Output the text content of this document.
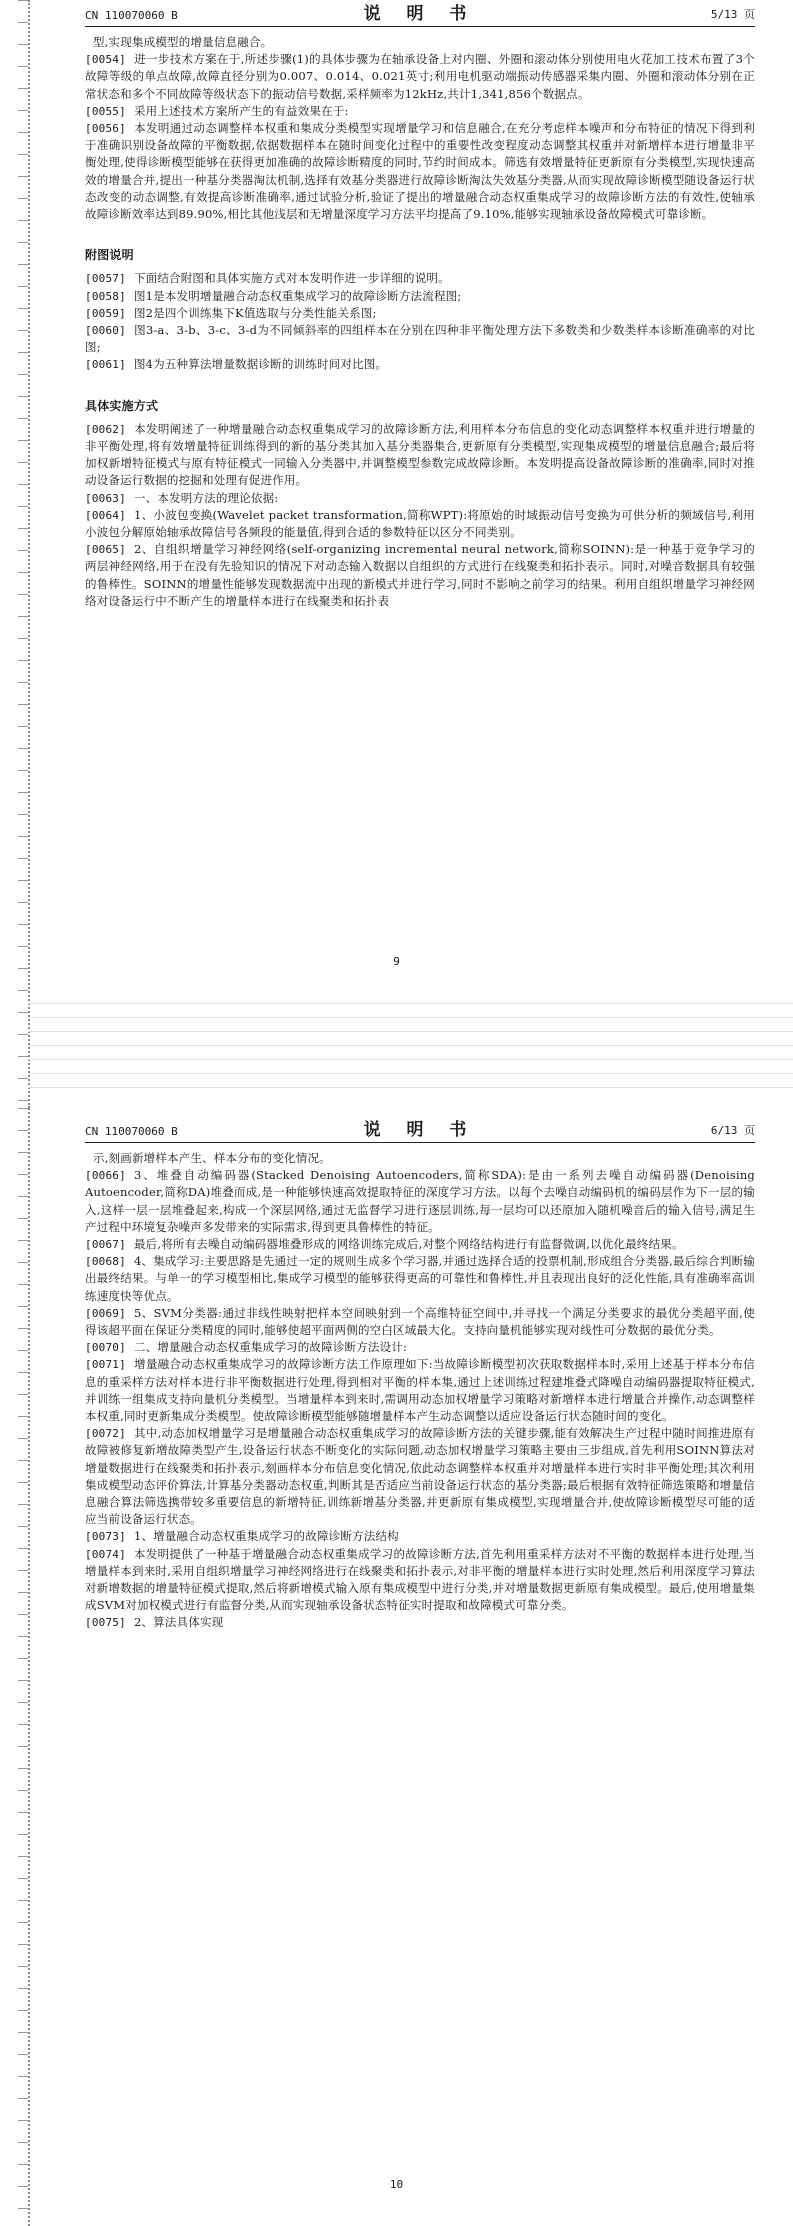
CN 110070060 B	说 明 书	5/13 页

型,实现集成模型的增量信息融合。

[0054] 进一步技术方案在于,所述步骤(1)的具体步骤为在轴承设备上对内圈、外圈和滚动体分别使用电火花加工技术布置了3个故障等级的单点故障,故障直径分别为0.007、0.014、0.021英寸;利用电机驱动端振动传感器采集内圈、外圈和滚动体分别在正常状态和多个不同故障等级状态下的振动信号数据,采样频率为12kHz,共计1,341,856个数据点。

[0055] 采用上述技术方案所产生的有益效果在于:

[0056] 本发明通过动态调整样本权重和集成分类模型实现增量学习和信息融合,在充分考虑样本噪声和分布特征的情况下得到利于准确识别设备故障的平衡数据,依据数据样本在随时间变化过程中的重要性改变程度动态调整其权重并对新增样本进行增量非平衡处理,使得诊断模型能够在获得更加准确的故障诊断精度的同时,节约时间成本。筛选有效增量特征更新原有分类模型,实现快速高效的增量合并,提出一种基分类器淘汰机制,选择有效基分类器进行故障诊断淘汰失效基分类器,从而实现故障诊断模型随设备运行状态改变的动态调整,有效提高诊断准确率,通过试验分析,验证了提出的增量融合动态权重集成学习的故障诊断方法的有效性,使轴承故障诊断效率达到89.90%,相比其他浅层和无增量深度学习方法平均提高了9.10%,能够实现轴承设备故障模式可靠诊断。

附图说明

[0057] 下面结合附图和具体实施方式对本发明作进一步详细的说明。

[0058] 图1是本发明增量融合动态权重集成学习的故障诊断方法流程图;

[0059] 图2是四个训练集下K值选取与分类性能关系图;

[0060] 图3-a、3-b、3-c、3-d为不同倾斜率的四组样本在分别在四种非平衡处理方法下多数类和少数类样本诊断准确率的对比图;

[0061] 图4为五种算法增量数据诊断的训练时间对比图。

具体实施方式

[0062] 本发明阐述了一种增量融合动态权重集成学习的故障诊断方法,利用样本分布信息的变化动态调整样本权重并进行增量的非平衡处理,将有效增量特征训练得到的新的基分类其加入基分类器集合,更新原有分类模型,实现集成模型的增量信息融合;最后将加权新增特征模式与原有特征模式一同输入分类器中,并调整模型参数完成故障诊断。本发明提高设备故障诊断的准确率,同时对推动设备运行数据的挖掘和处理有促进作用。

[0063] 一、本发明方法的理论依据:

[0064] 1、小波包变换(Wavelet packet transformation,简称WPT):将原始的时域振动信号变换为可供分析的频域信号,利用小波包分解原始轴承故障信号各频段的能量值,得到合适的参数特征以区分不同类别。

[0065] 2、自组织增量学习神经网络(self-organizing incremental neural network,简称SOINN):是一种基于竞争学习的两层神经网络,用于在没有先验知识的情况下对动态输入数据以自组织的方式进行在线聚类和拓扑表示。同时,对噪音数据具有较强的鲁棒性。SOINN的增量性能够发现数据流中出现的新模式并进行学习,同时不影响之前学习的结果。利用自组织增量学习神经网络对设备运行中不断产生的增量样本进行在线聚类和拓扑表

9
CN 110070060 B	说 明 书	6/13 页

示,刻画新增样本产生、样本分布的变化情况。

[0066] 3、堆叠自动编码器(Stacked Denoising Autoencoders,简称SDA):是由一系列去噪自动编码器(Denoising Autoencoder,简称DA)堆叠而成,是一种能够快速高效提取特征的深度学习方法。以每个去噪自动编码机的编码层作为下一层的输入,这样一层一层堆叠起来,构成一个深层网络,通过无监督学习进行逐层训练,每一层均可以还原加入随机噪音后的输入信号,满足生产过程中环境复杂噪声多发带来的实际需求,得到更具鲁棒性的特征。

[0067] 最后,将所有去噪自动编码器堆叠形成的网络训练完成后,对整个网络结构进行有监督微调,以优化最终结果。

[0068] 4、集成学习:主要思路是先通过一定的规则生成多个学习器,并通过选择合适的投票机制,形成组合分类器,最后综合判断输出最终结果。与单一的学习模型相比,集成学习模型的能够获得更高的可靠性和鲁棒性,并且表现出良好的泛化性能,具有准确率高训练速度快等优点。

[0069] 5、SVM分类器:通过非线性映射把样本空间映射到一个高维特征空间中,并寻找一个满足分类要求的最优分类超平面,使得该超平面在保证分类精度的同时,能够使超平面两侧的空白区域最大化。支持向量机能够实现对线性可分数据的最优分类。

[0070] 二、增量融合动态权重集成学习的故障诊断方法设计:

[0071] 增量融合动态权重集成学习的故障诊断方法工作原理如下:当故障诊断模型初次获取数据样本时,采用上述基于样本分布信息的重采样方法对样本进行非平衡数据进行处理,得到相对平衡的样本集,通过上述训练过程建堆叠式降噪自动编码器提取特征模式,并训练一组集成支持向量机分类模型。当增量样本到来时,需调用动态加权增量学习策略对新增样本进行增量合并操作,动态调整样本权重,同时更新集成分类模型。使故障诊断模型能够随增量样本产生动态调整以适应设备运行状态随时间的变化。

[0072] 其中,动态加权增量学习是增量融合动态权重集成学习的故障诊断方法的关键步骤,能有效解决生产过程中随时间推进原有故障被修复新增故障类型产生,设备运行状态不断变化的实际问题,动态加权增量学习策略主要由三步组成,首先利用SOINN算法对增量数据进行在线聚类和拓扑表示,刻画样本分布信息变化情况,依此动态调整样本权重并对增量样本进行实时非平衡处理;其次利用集成模型动态评价算法,计算基分类器动态权重,判断其是否适应当前设备运行状态的基分类器;最后根据有效特征筛选策略和增量信息融合算法筛选携带较多重要信息的新增特征,训练新增基分类器,并更新原有集成模型,实现增量合并,使故障诊断模型尽可能的适应当前设备运行状态。

[0073] 1、增量融合动态权重集成学习的故障诊断方法结构

[0074] 本发明提供了一种基于增量融合动态权重集成学习的故障诊断方法,首先利用重采样方法对不平衡的数据样本进行处理,当增量样本到来时,采用自组织增量学习神经网络进行在线聚类和拓扑表示,对非平衡的增量样本进行实时处理,然后利用深度学习算法对新增数据的增量特征模式提取,然后将新增模式输入原有集成模型中进行分类,并对增量数据更新原有集成模型。最后,使用增量集成SVM对加权模式进行有监督分类,从而实现轴承设备状态特征实时提取和故障模式可靠分类。

[0075] 2、算法具体实现

10
